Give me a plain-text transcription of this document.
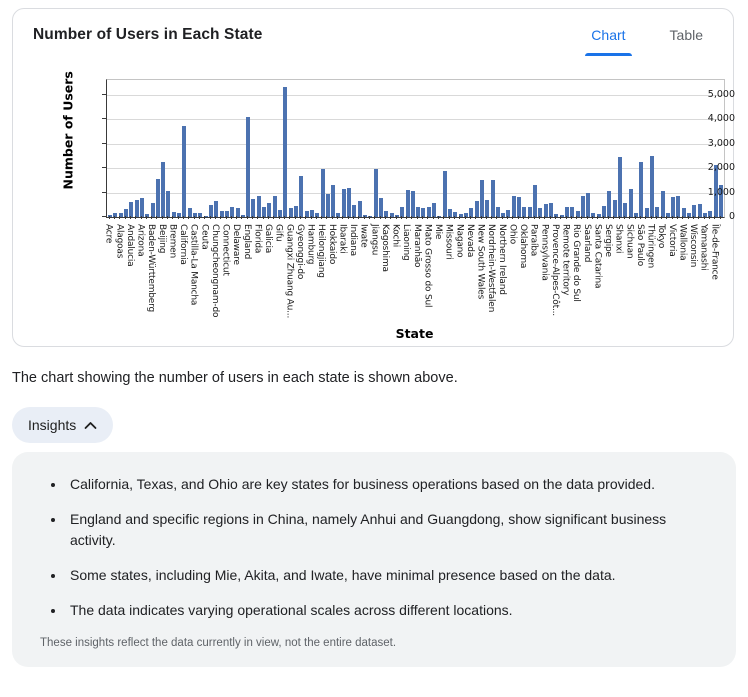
Number of Users in Each State	Chart	Table
Number of Users
Acre Alagoas Andalucia Arizona Baden-Württemberg Beijing Bremen California Castilla-La Mancha Ceuta Chungcheongnam-do Connecticut Delaware England Florida Galicia Gifu Guangxi Zhuang Au... Gyeonggi-do Hamburg Heilongjiang Hokkaido Ibaraki Indiana Iwate Jiangsu Kagoshima Kochi Liaoning Maranhão Mato Grosso do Sul Mie Missouri Nagano Nevada New South Wales Nordrhein-Westfalen Northern Ireland Ohio Oklahoma Paraíba Pennsylvania Provence-Alpes-Côt... Remote territory Rio Grande do Sul Saarland Santa Catarina Sergipe Shanxi Sichuan São Paulo Thüringen Tokyo Victoria Wallonia Wisconsin Yamanashi Île-de-France
State
0
1,000
2,000
3,000
4,000
5,000
The chart showing the number of users in each state is shown above.
Insights
• California, Texas, and Ohio are key states for business operations based on the data provided.
• England and specific regions in China, namely Anhui and Guangdong, show significant business activity.
• Some states, including Mie, Akita, and Iwate, have minimal presence based on the data.
• The data indicates varying operational scales across different locations.
These insights reflect the data currently in view, not the entire dataset.
